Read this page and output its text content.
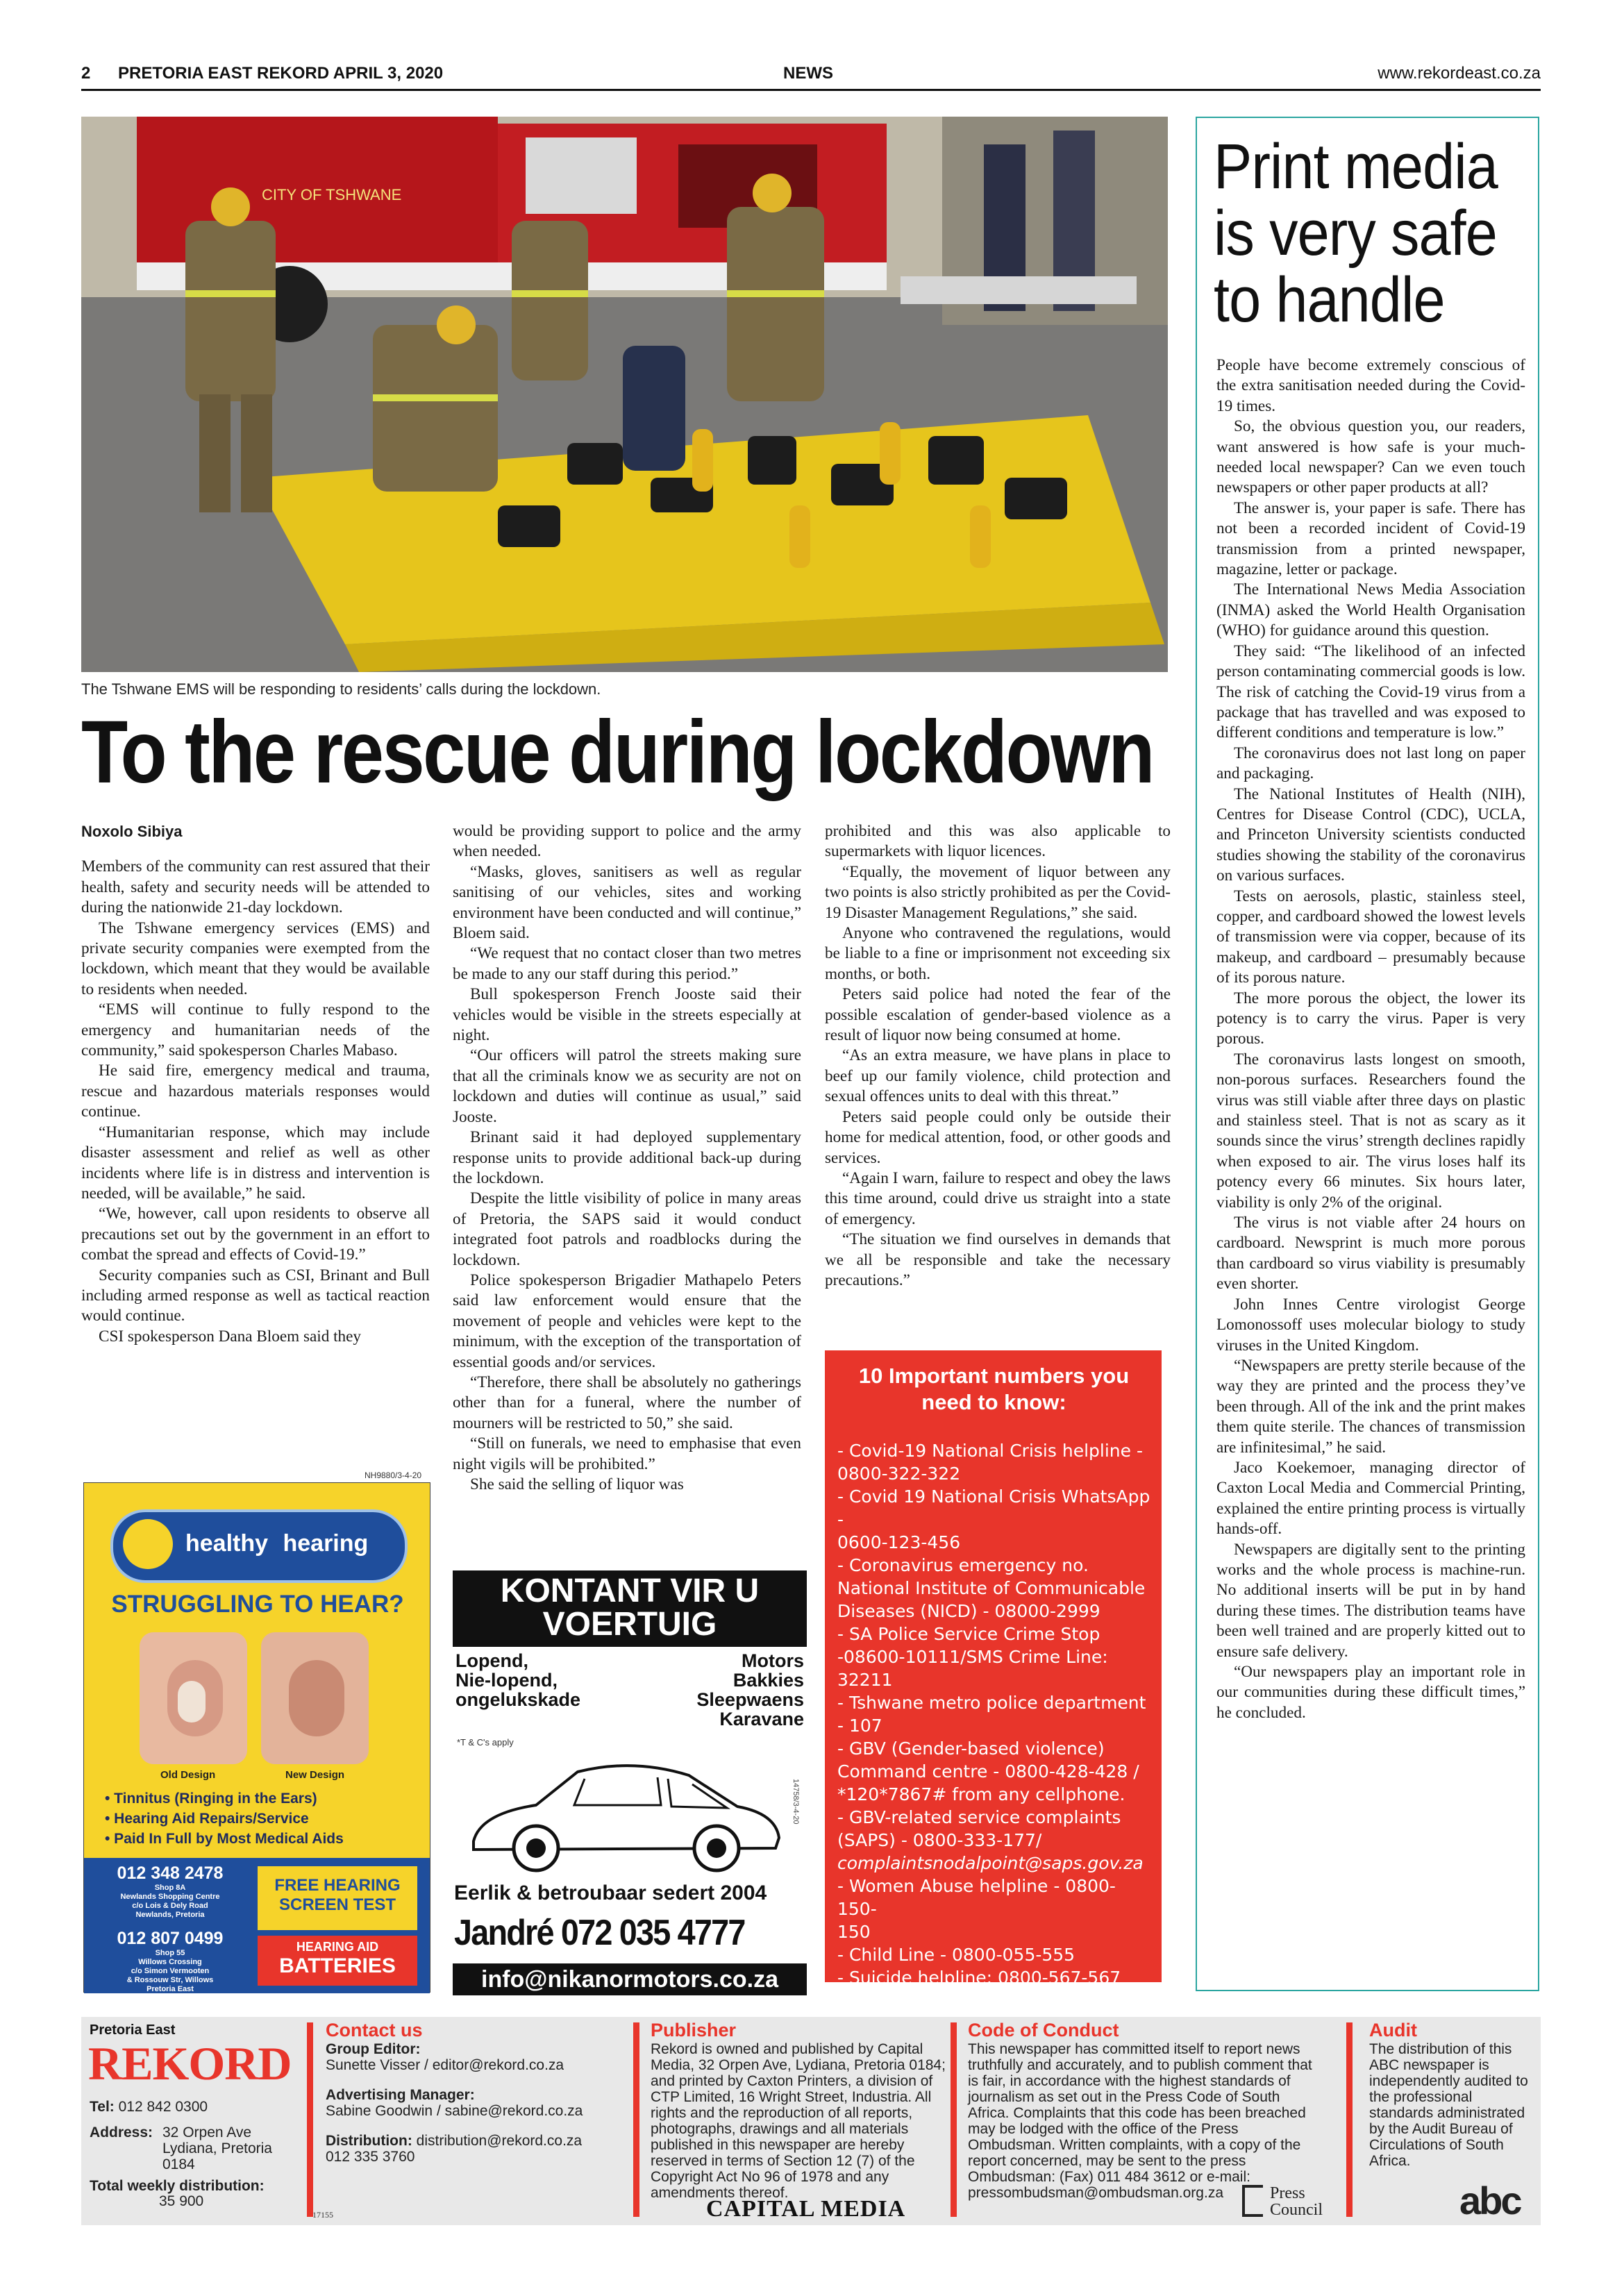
2 PRETORIA EAST REKORD APRIL 3, 2020	NEWS	www.rekordeast.co.za
CITY OF TSHWANE
The Tshwane EMS will be responding to residents’ calls during the lockdown.
To the rescue during lockdown
Noxolo Sibiya

Members of the community can rest assured that their health, safety and security needs will be attended to during the nationwide 21-day lockdown.

The Tshwane emergency services (EMS) and private security companies were exempted from the lockdown, which meant that they would be available to residents when needed.

“EMS will continue to fully respond to the emergency and humanitarian needs of the community,” said spokesperson Charles Mabaso.

He said fire, emergency medical and trauma, rescue and hazardous materials responses would continue.

“Humanitarian response, which may include disaster assessment and relief as well as other incidents where life is in distress and intervention is needed, will be available,” he said.

“We, however, call upon residents to observe all precautions set out by the government in an effort to combat the spread and effects of Covid-19.”

Security companies such as CSI, Brinant and Bull including armed response as well as tactical reaction would continue.

CSI spokesperson Dana Bloem said they

would be providing support to police and the army when needed.

“Masks, gloves, sanitisers as well as regular sanitising of our vehicles, sites and working environment have been conducted and will continue,” Bloem said.

“We request that no contact closer than two metres be made to any our staff during this period.”

Bull spokesperson French Jooste said their vehicles would be visible in the streets especially at night.

“Our officers will patrol the streets making sure that all the criminals know we as security are not on lockdown and duties will continue as usual,” said Jooste.

Brinant said it had deployed supplementary response units to provide additional back-up during the lockdown.

Despite the little visibility of police in many areas of Pretoria, the SAPS said it would conduct integrated foot patrols and roadblocks during the lockdown.

Police spokesperson Brigadier Mathapelo Peters said law enforcement would ensure that the movement of people and vehicles were kept to the minimum, with the exception of the transportation of essential goods and/or services.

“Therefore, there shall be absolutely no gatherings other than for a funeral, where the number of mourners will be restricted to 50,” she said.

“Still on funerals, we need to emphasise that even night vigils will be prohibited.”

She said the selling of liquor was

prohibited and this was also applicable to supermarkets with liquor licences.

“Equally, the movement of liquor between any two points is also strictly prohibited as per the Covid-19 Disaster Management Regulations,” she said.

Anyone who contravened the regulations, would be liable to a fine or imprisonment not exceeding six months, or both.

Peters said police had noted the fear of the possible escalation of gender-based violence as a result of liquor now being consumed at home.

“As an extra measure, we have plans in place to beef up our family violence, child protection and sexual offences units to deal with this threat.”

Peters said people could only be outside their home for medical attention, food, or other goods and services.

“Again I warn, failure to respect and obey the laws this time around, could drive us straight into a state of emergency.

“The situation we find ourselves in demands that we all be responsible and take the necessary precautions.”

10 Important numbers you need to know:
- Covid-19 National Crisis helpline -
0800-322-322
- Covid 19 National Crisis WhatsApp -
0600-123-456
- Coronavirus emergency no.
National Institute of Communicable
Diseases (NICD) - 08000-2999
- SA Police Service Crime Stop
-08600-10111/SMS Crime Line:
32211
- Tshwane metro police department
- 107
- GBV (Gender-based violence)
Command centre - 0800-428-428 /
*120*7867# from any cellphone.
- GBV-related service complaints
(SAPS) - 0800-333-177/
complaintsnodalpoint@saps.gov.za
- Women Abuse helpline - 0800-150-
150
- Child Line - 0800-055-555
- Suicide helpline: 0800-567-567
Print media is very safe to handle

People have become extremely conscious of the extra sanitisation needed during the Covid-19 times.

So, the obvious question you, our readers, want answered is how safe is your much-needed local newspaper? Can we even touch newspapers or other paper products at all?

The answer is, your paper is safe. There has not been a recorded incident of Covid-19 transmission from a printed newspaper, magazine, letter or package.

The International News Media Association (INMA) asked the World Health Organisation (WHO) for guidance around this question.

They said: “The likelihood of an infected person contaminating commercial goods is low. The risk of catching the Covid-19 virus from a package that has travelled and was exposed to different conditions and temperature is low.”

The coronavirus does not last long on paper and packaging.

The National Institutes of Health (NIH), Centres for Disease Control (CDC), UCLA, and Princeton University scientists conducted studies showing the stability of the coronavirus on various surfaces.

Tests on aerosols, plastic, stainless steel, copper, and cardboard showed the lowest levels of transmission were via copper, because of its makeup, and cardboard – presumably because of its porous nature.

The more porous the object, the lower its potency is to carry the virus. Paper is very porous.

The coronavirus lasts longest on smooth, non-porous surfaces. Researchers found the virus was still viable after three days on plastic and stainless steel. That is not as scary as it sounds since the virus’ strength declines rapidly when exposed to air. The virus loses half its potency every 66 minutes. Six hours later, viability is only 2% of the original.

The virus is not viable after 24 hours on cardboard. Newsprint is much more porous than cardboard so virus viability is presumably even shorter.

John Innes Centre virologist George Lomonossoff uses molecular biology to study viruses in the United Kingdom.

“Newspapers are pretty sterile because of the way they are printed and the process they’ve been through. All of the ink and the print makes them quite sterile. The chances of transmission are infinitesimal,” he said.

Jaco Koekemoer, managing director of Caxton Local Media and Commercial Printing, explained the entire printing process is virtually hands-off.

Newspapers are digitally sent to the printing works and the whole process is machine-run. No additional inserts will be put in by hand during these times. The distribution teams have been well trained and are properly kitted out to ensure safe delivery.

“Our newspapers play an important role in our communities during these difficult times,” he concluded.

NH9880/3-4-20
healthy hearing
STRUGGLING TO HEAR?
Old Design	New Design
• Tinnitus (Ringing in the Ears)
• Hearing Aid Repairs/Service
• Paid In Full by Most Medical Aids
012 348 2478
Shop 8A
Newlands Shopping Centre
c/o Lois & Dely Road
Newlands, Pretoria
012 807 0499
Shop 55
Willows Crossing
c/o Simon Vermooten
& Rossouw Str, Willows
Pretoria East
FREE HEARING SCREEN TEST
HEARING AID
BATTERIES
KONTANT VIR U VOERTUIG
Lopend,
Nie-lopend,
ongelukskade
Motors
Bakkies
Sleepwaens
Karavane
*T & C's apply
14758/3-4-20
Eerlik & betroubaar sedert 2004
Jandré 072 035 4777
info@nikanormotors.co.za
Pretoria East
REKORD
Tel: 012 842 0300
Address: 32 Orpen Ave
Lydiana, Pretoria
0184
Total weekly distribution:
35 900
Contact us
Group Editor:
Sunette Visser / editor@rekord.co.za
Advertising Manager:
Sabine Goodwin / sabine@rekord.co.za
Distribution: distribution@rekord.co.za
012 335 3760
17155
Publisher
Rekord is owned and published by Capital Media, 32 Orpen Ave, Lydiana, Pretoria 0184; and printed by Caxton Printers, a division of CTP Limited, 16 Wright Street, Industria. All rights and the reproduction of all reports, photographs, drawings and all materials published in this newspaper are hereby reserved in terms of Section 12 (7) of the Copyright Act No 96 of 1978 and any amendments thereof.
CAPITAL MEDIA
Code of Conduct
This newspaper has committed itself to report news truthfully and accurately, and to publish comment that is fair, in accordance with the highest standards of journalism as set out in the Press Code of South Africa. Complaints that this code has been breached may be lodged with the office of the Press Ombudsman. Written complaints, with a copy of the report concerned, may be sent to the press Ombudsman: (Fax) 011 484 3612 or e-mail: pressombudsman@ombudsman.org.za	Press
Council
Audit
The distribution of this ABC newspaper is independently audited to the professional standards administrated by the Audit Bureau of Circulations of South Africa.
abc
